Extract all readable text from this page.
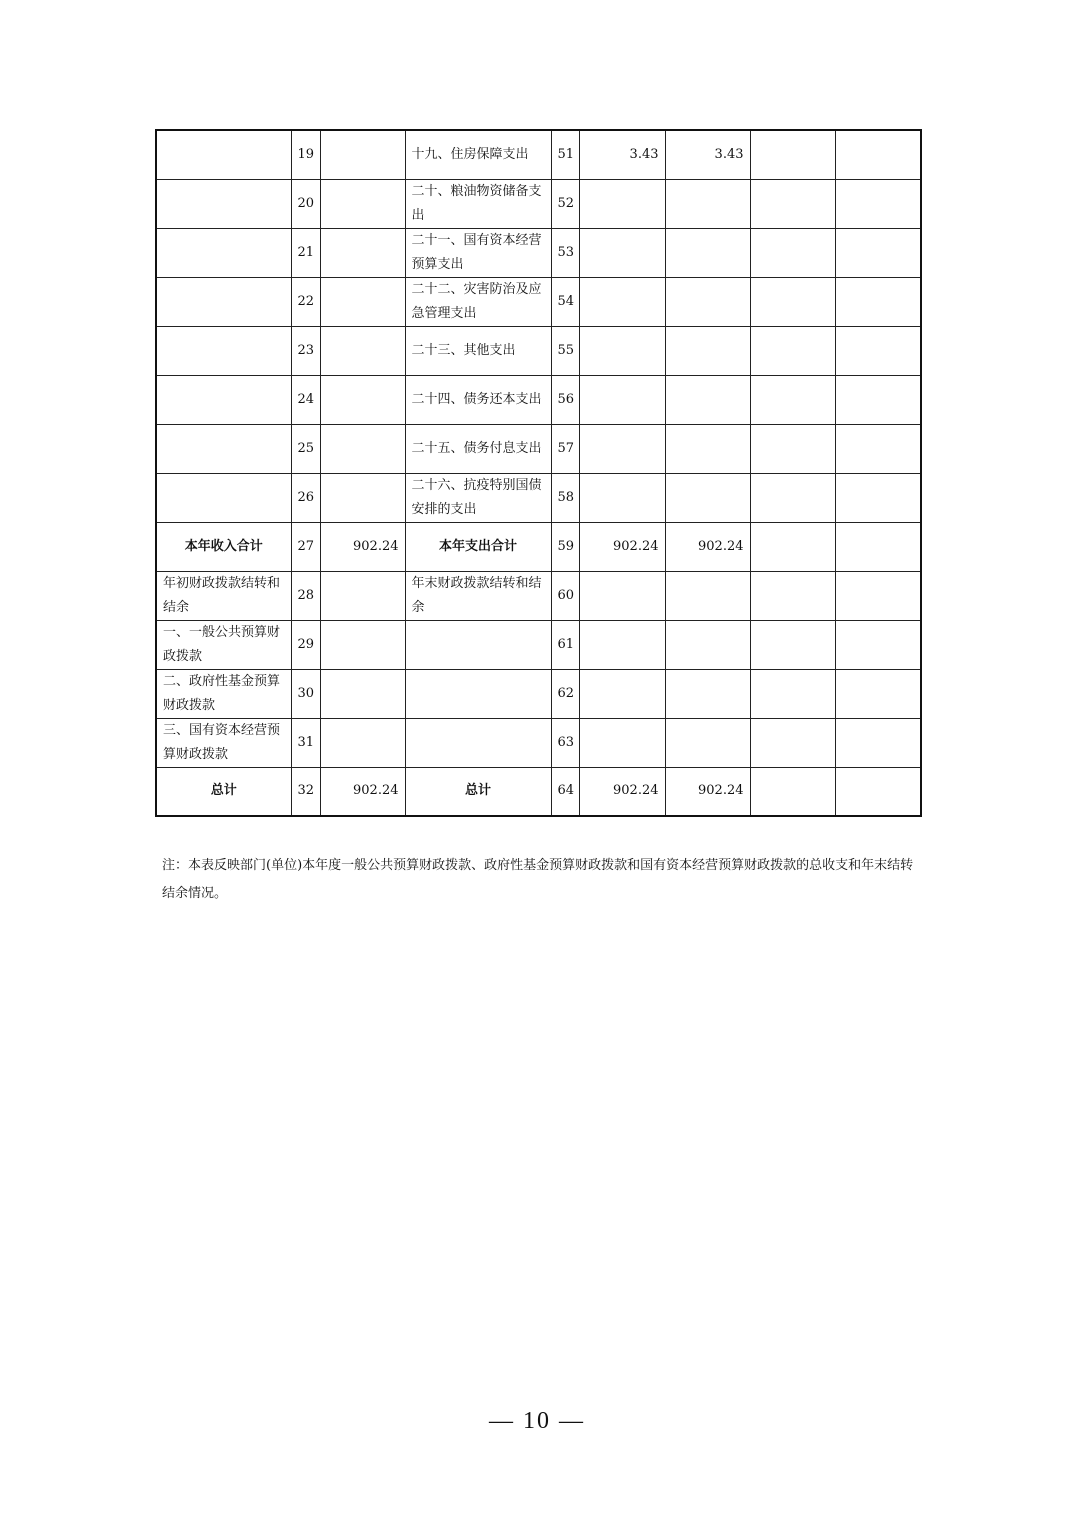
	19		十九、住房保障支出	51	3.43	3.43		
	20		二十、粮油物资储备支出	52				
	21		二十一、国有资本经营预算支出	53				
	22		二十二、灾害防治及应急管理支出	54				
	23		二十三、其他支出	55				
	24		二十四、债务还本支出	56				
	25		二十五、债务付息支出	57				
	26		二十六、抗疫特别国债安排的支出	58				
本年收入合计	27	902.24	本年支出合计	59	902.24	902.24		
年初财政拨款结转和结余	28		年末财政拨款结转和结余	60				
一、一般公共预算财政拨款	29			61				
二、政府性基金预算财政拨款	30			62				
三、国有资本经营预算财政拨款	31			63				
总计	32	902.24	总计	64	902.24	902.24		
注：本表反映部门(单位)本年度一般公共预算财政拨款、政府性基金预算财政拨款和国有资本经营预算财政拨款的总收支和年末结转结余情况。
— 10 —
